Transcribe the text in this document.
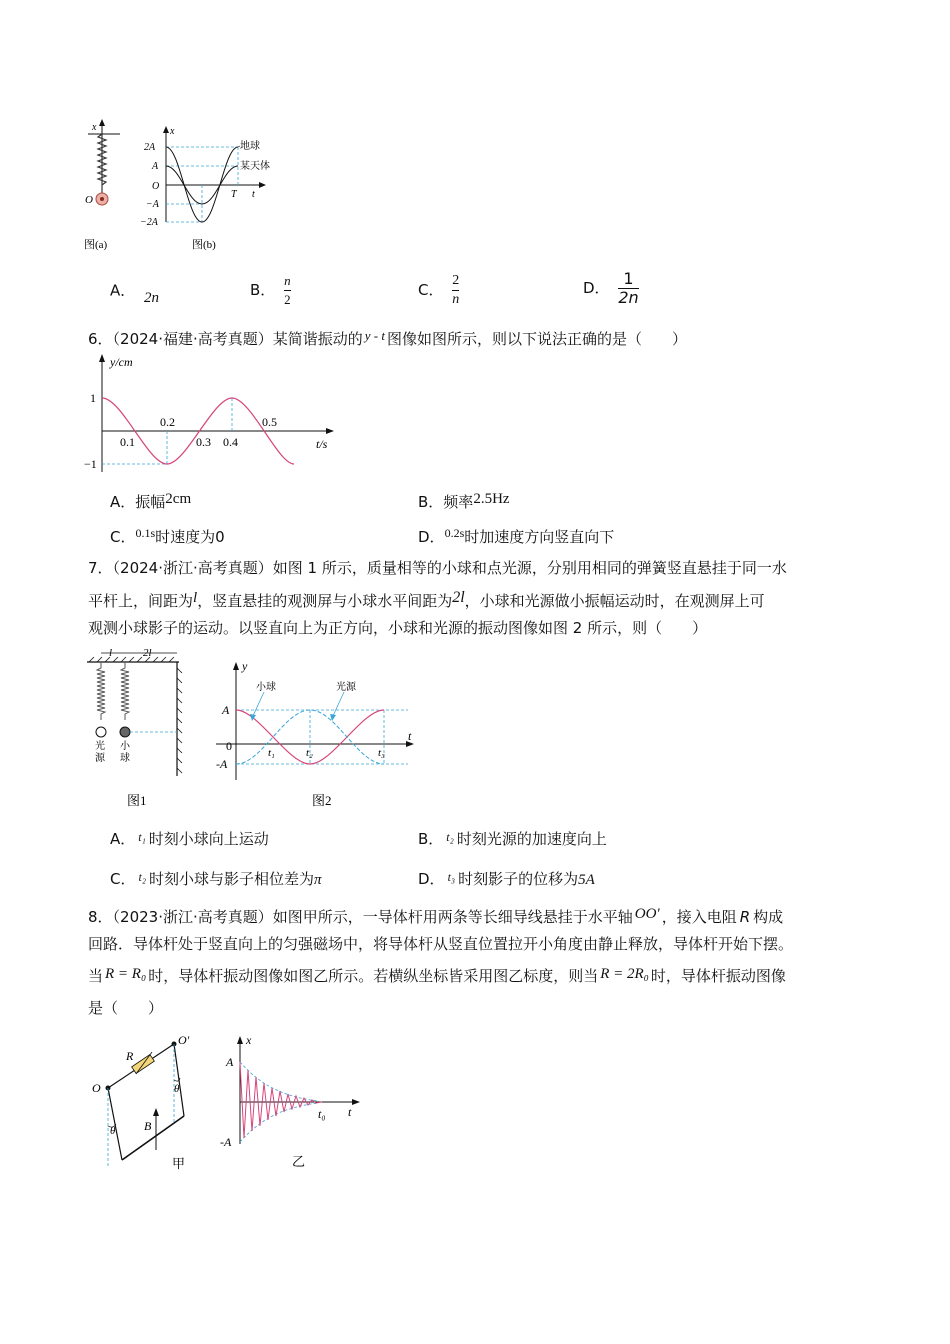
x
O
图(a)
x
2A
A
O
−A
−2A
T t
地球
某天体
图(b)
A． 2n	B． $\frac{n}{2}$	C． $\frac{2}{n}$	D． $\frac{1}{2n}$
6．（2024·福建·高考真题）某简谐振动的 y - t 图像如图所示，则以下说法正确的是（　　）
y/cm
t/s
1
−1
0.1
0.2
0.3 0.4
0.5
A．振幅2cm	B．频率2.5Hz
C．$^{0.1s}$时速度为0	D．$^{0.2s}$时加速度方向竖直向下
7．（2024·浙江·高考真题）如图 1 所示，质量相等的小球和点光源，分别用相同的弹簧竖直悬挂于同一水
平杆上，间距为l，竖直悬挂的观测屏与小球水平间距为2l，小球和光源做小振幅运动时，在观测屏上可
观测小球影子的运动。以竖直向上为正方向，小球和光源的振动图像如图 2 所示，则（　　）
l	2l
光
源
小
球
图1
y
A
0
-A
t
t₁	t₂	t₃
小球	光源
图2
A． $^{t_1}$ 时刻小球向上运动	B． $^{t_2}$ 时刻光源的加速度向上
C． $^{t_2}$ 时刻小球与影子相位差为π	D． $^{t_3}$ 时刻影子的位移为5A
8．（2023·浙江·高考真题）如图甲所示，一导体杆用两条等长细导线悬挂于水平轴 OO′ ，接入电阻 R 构成
回路．导体杆处于竖直向上的匀强磁场中，将导体杆从竖直位置拉开小角度由静止释放，导体杆开始下摆。
当 R = R₀ 时，导体杆振动图像如图乙所示。若横纵坐标皆采用图乙标度，则当 R = 2R₀ 时，导体杆振动图像
是（　　）
R
O
O′
θ
θ
B
甲
x
A
-A
t₀ t
乙
